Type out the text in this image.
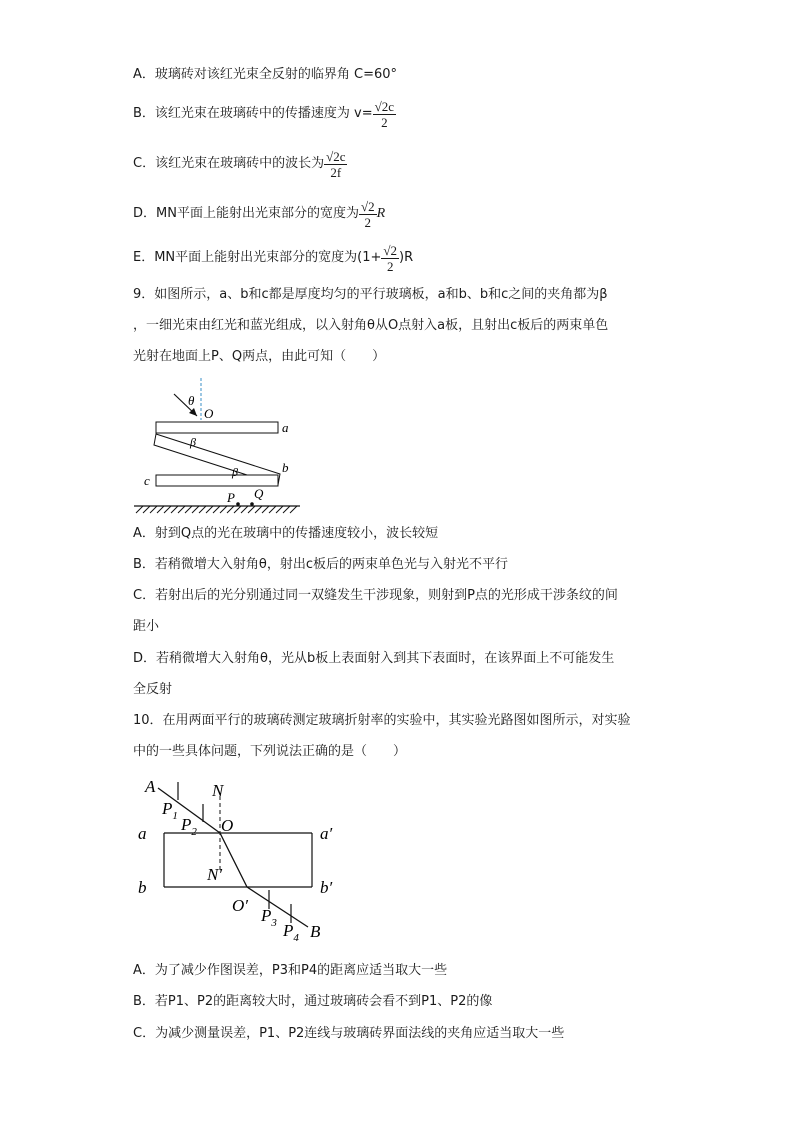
A．玻璃砖对该红光束全反射的临界角 C=60°
B．该红光束在玻璃砖中的传播速度为 $v= \frac{√2c}{2}$
C．该红光束在玻璃砖中的波长为 $\frac{√2c}{2f}$
D．MN平面上能射出光束部分的宽度为 $\frac{√2}{2}$ R
E．MN平面上能射出光束部分的宽度为$(1+ \frac{√2}{2} )R$
9．如图所示，a、b和c都是厚度均匀的平行玻璃板，a和b、b和c之间的夹角都为β
，一细光束由红光和蓝光组成，以入射角θ从O点射入a板，且射出c板后的两束单色
光射在地面上P、Q两点，由此可知（　　）
θ
O
a
b
β
c
β
P Q
A．射到Q点的光在玻璃中的传播速度较小，波长较短
B．若稍微增大入射角θ，射出c板后的两束单色光与入射光不平行
C．若射出后的光分别通过同一双缝发生干涉现象，则射到P点的光形成干涉条纹的间
距小
D．若稍微增大入射角θ，光从b板上表面射入到其下表面时，在该界面上不可能发生
全反射
10．在用两面平行的玻璃砖测定玻璃折射率的实验中，其实验光路图如图所示，对实验
中的一些具体问题，下列说法正确的是（　　）
A	N
$P_1$ $P_2$ O
a	a′
N′
b	b′
O′
$P_3$ $P_4$ B
A．为了减少作图误差，P3和P4的距离应适当取大一些
B．若P1、P2的距离较大时，通过玻璃砖会看不到P1、P2的像
C．为减少测量误差，P1、P2连线与玻璃砖界面法线的夹角应适当取大一些
